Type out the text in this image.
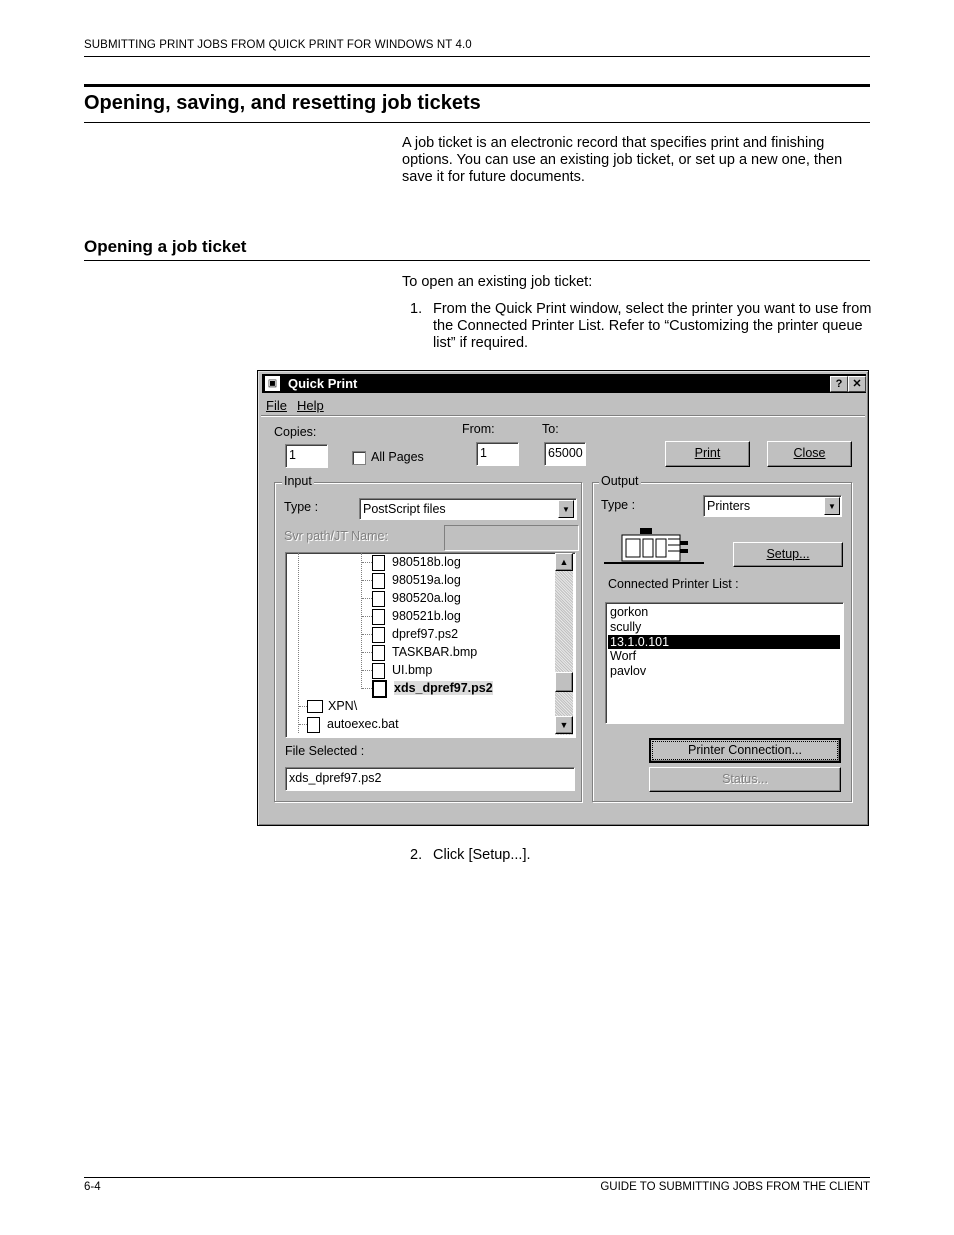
SUBMITTING PRINT JOBS FROM QUICK PRINT FOR WINDOWS NT 4.0
Opening, saving, and resetting job tickets
A job ticket is an electronic record that specifies print and finishing options. You can use an existing job ticket, or set up a new one, then save it for future documents.
Opening a job ticket
To open an existing job ticket:
1. From the Quick Print window, select the printer you want to use from the Connected Printer List. Refer to “Customizing the printer queue list” if required.
▣ Quick Print	? ✕
File Help
Copies:
1	All Pages
From:
1
To:
65000	Print	Close
Input
Type :	PostScript files	▼
Svr path/JT Name:
980518b.log
980519a.log
980520a.log
980521b.log
dpref97.ps2
TASKBAR.bmp
UI.bmp
xds_dpref97.ps2
XPN\
autoexec.bat
▲
▼
File Selected :
xds_dpref97.ps2
Output
Type :	Printers	▼
Setup...
Connected Printer List :
gorkon
scully
13.1.0.101
Worf
pavlov
Printer Connection...
Status...
2. Click [Setup...].
6-4	GUIDE TO SUBMITTING JOBS FROM THE CLIENT
